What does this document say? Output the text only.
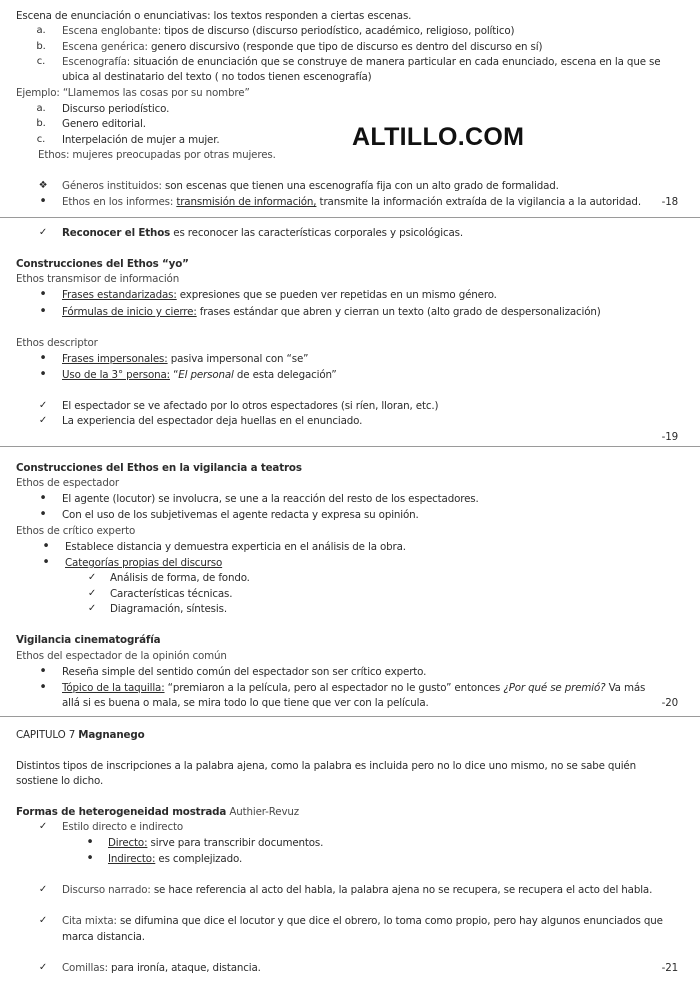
ALTILLO.COM
Escena de enunciación o enunciativas: los textos responden a ciertas escenas.
a. Escena englobante: tipos de discurso (discurso periodístico, académico, religioso, político)
b. Escena genérica: genero discursivo (responde que tipo de discurso es dentro del discurso en sí)
c. Escenografía: situación de enunciación que se construye de manera particular en cada enunciado, escena en la que se
ubica al destinatario del texto ( no todos tienen escenografía)
Ejemplo: “Llamemos las cosas por su nombre”
a. Discurso periodístico.
b. Genero editorial.
c. Interpelación de mujer a mujer.
Ethos: mujeres preocupadas por otras mujeres.
❖ Géneros instituidos: son escenas que tienen una escenografía fija con un alto grado de formalidad.
• Ethos en los informes: transmisión de información, transmite la información extraída de la vigilancia a la autoridad. -18
✓ Reconocer el Ethos es reconocer las características corporales y psicológicas.
Construcciones del Ethos “yo”
Ethos transmisor de información
• Frases estandarizadas: expresiones que se pueden ver repetidas en un mismo género.
• Fórmulas de inicio y cierre: frases estándar que abren y cierran un texto (alto grado de despersonalización)
Ethos descriptor
• Frases impersonales: pasiva impersonal con “se”
• Uso de la 3° persona: “El personal de esta delegación”
✓ El espectador se ve afectado por lo otros espectadores (si ríen, lloran, etc.)
✓ La experiencia del espectador deja huellas en el enunciado.
-19
Construcciones del Ethos en la vigilancia a teatros
Ethos de espectador
• El agente (locutor) se involucra, se une a la reacción del resto de los espectadores.
• Con el uso de los subjetivemas el agente redacta y expresa su opinión.
Ethos de crítico experto
• Establece distancia y demuestra experticia en el análisis de la obra.
• Categorías propias del discurso
✓ Análisis de forma, de fondo.
✓ Características técnicas.
✓ Diagramación, síntesis.
Vigilancia cinematográfía
Ethos del espectador de la opinión común
• Reseña simple del sentido común del espectador son ser crítico experto.
• Tópico de la taquilla: “premiaron a la película, pero al espectador no le gusto” entonces ¿Por qué se premió? Va más
allá si es buena o mala, se mira todo lo que tiene que ver con la película.	-20
CAPITULO 7 Magnanego
Distintos tipos de inscripciones a la palabra ajena, como la palabra es incluida pero no lo dice uno mismo, no se sabe quién
sostiene lo dicho.
Formas de heterogeneidad mostrada Authier-Revuz
✓ Estilo directo e indirecto
• Directo: sirve para transcribir documentos.
• Indirecto: es complejizado.
✓ Discurso narrado: se hace referencia al acto del habla, la palabra ajena no se recupera, se recupera el acto del habla.
✓ Cita mixta: se difumina que dice el locutor y que dice el obrero, lo toma como propio, pero hay algunos enunciados que
marca distancia.
✓ Comillas: para ironía, ataque, distancia.	-21
